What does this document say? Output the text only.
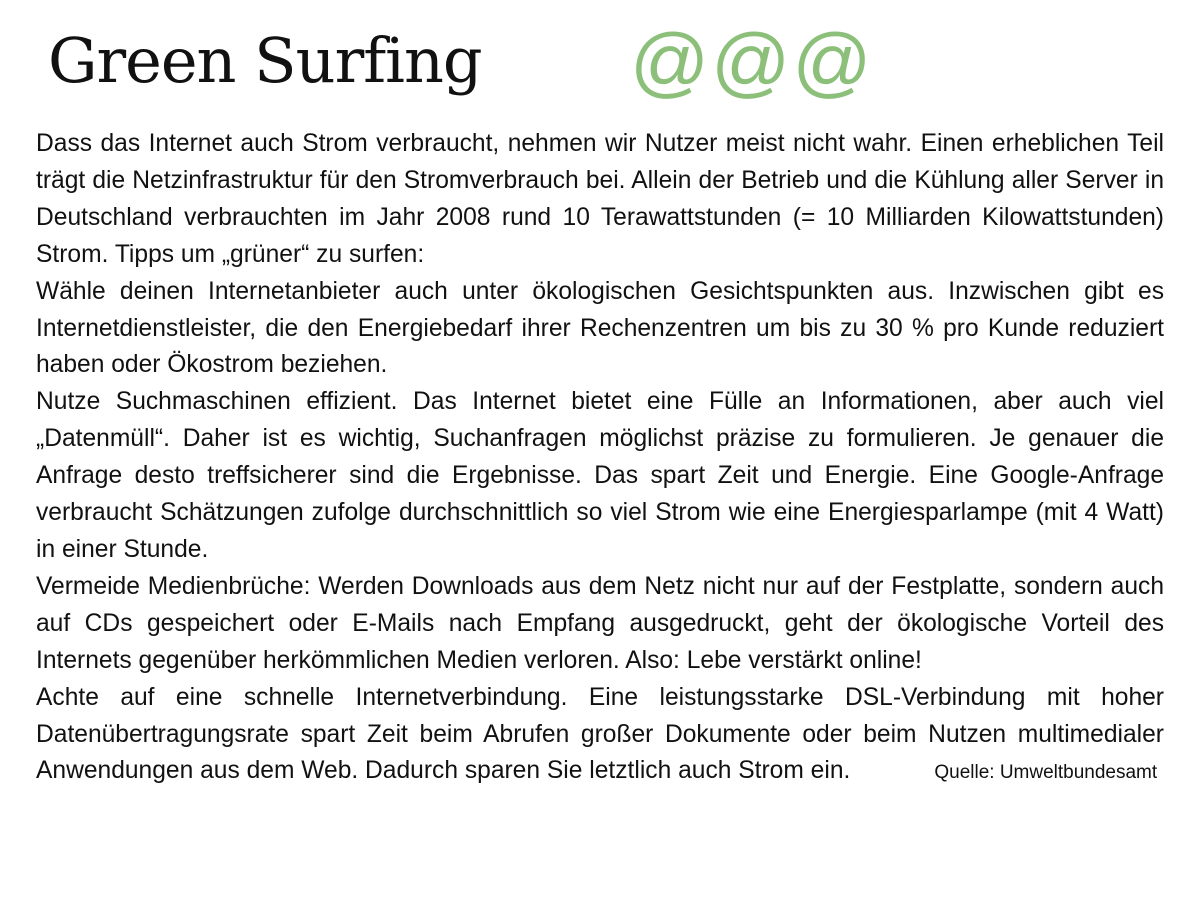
Green Surfing @@@

Dass das Internet auch Strom verbraucht, nehmen wir Nutzer meist nicht wahr. Einen erheblichen Teil trägt die Netzinfrastruktur für den Stromverbrauch bei. Allein der Betrieb und die Kühlung aller Server in Deutschland verbrauchten im Jahr 2008 rund 10 Terawattstunden (= 10 Milliarden Kilowattstunden) Strom. Tipps um „grüner“ zu surfen:

Wähle deinen Internetanbieter auch unter ökologischen Gesichtspunkten aus. Inzwischen gibt es Internetdienstleister, die den Energiebedarf ihrer Rechenzentren um bis zu 30 % pro Kunde reduziert haben oder Ökostrom beziehen.

Nutze Suchmaschinen effizient. Das Internet bietet eine Fülle an Informationen, aber auch viel „Datenmüll“. Daher ist es wichtig, Suchanfragen möglichst präzise zu formulieren. Je genauer die Anfrage desto treffsicherer sind die Ergebnisse. Das spart Zeit und Energie. Eine Google-Anfrage verbraucht Schätzungen zufolge durchschnittlich so viel Strom wie eine Energiesparlampe (mit 4 Watt) in einer Stunde.

Vermeide Medienbrüche: Werden Downloads aus dem Netz nicht nur auf der Festplatte, sondern auch auf CDs gespeichert oder E-Mails nach Empfang ausgedruckt, geht der ökologische Vorteil des Internets gegenüber herkömmlichen Medien verloren. Also: Lebe verstärkt online!

Achte auf eine schnelle Internetverbindung. Eine leistungsstarke DSL-Verbindung mit hoher Datenübertragungsrate spart Zeit beim Abrufen großer Dokumente oder beim Nutzen multimedialer Anwendungen aus dem Web. Dadurch sparen Sie letztlich auch Strom ein.	Quelle: Umweltbundesamt
